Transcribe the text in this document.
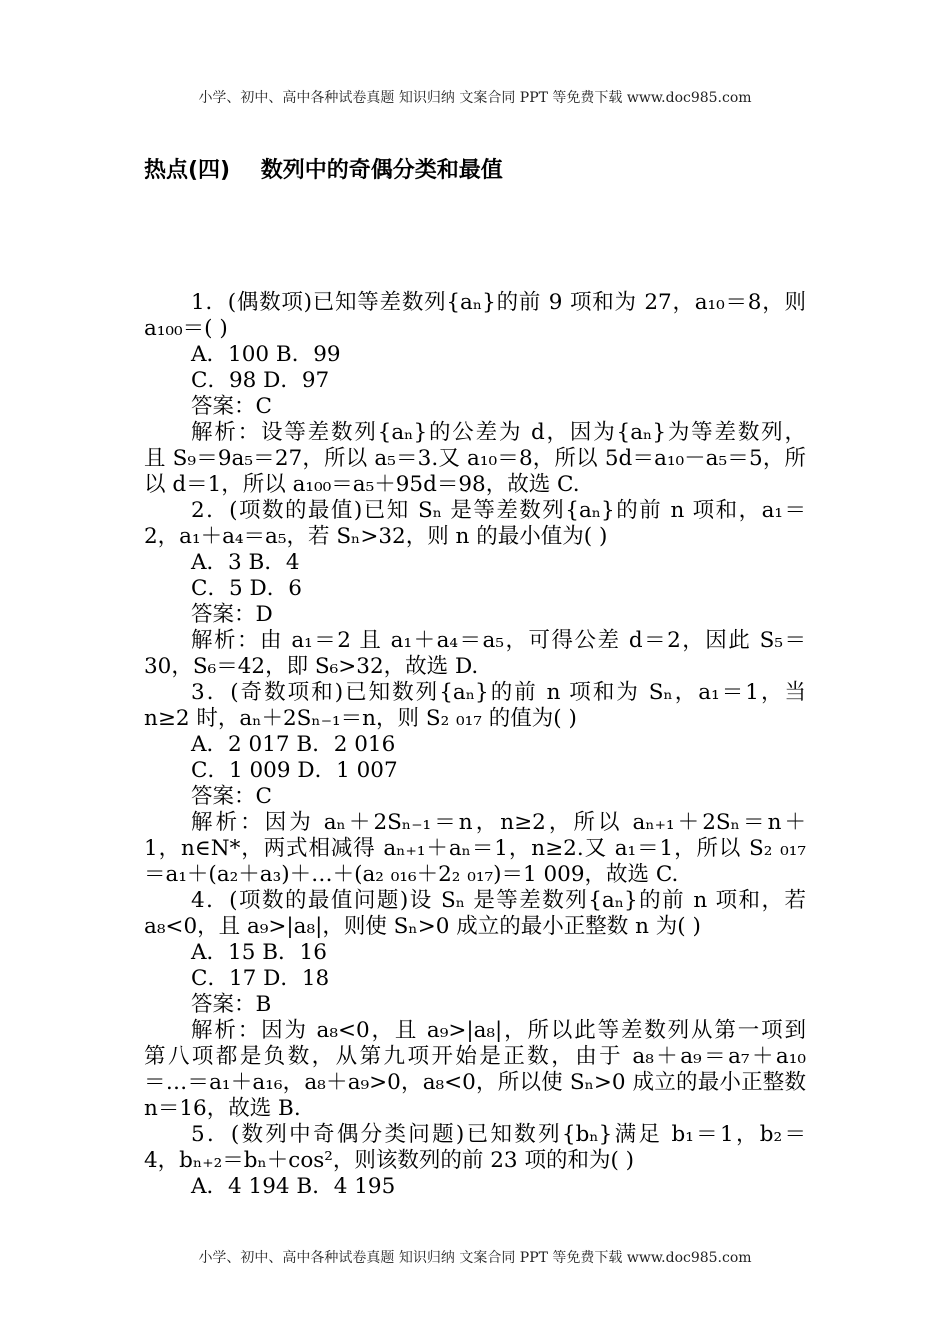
小学、初中、高中各种试卷真题 知识归纳 文案合同 PPT 等免费下载 www.doc985.com
热点(四)    数列中的奇偶分类和最值
1．(偶数项)已知等差数列{aₙ}的前 9 项和为 27，a₁₀＝8，则
a₁₀₀＝( )
A．100 B．99
C．98 D．97
答案：C
解析：设等差数列{aₙ}的公差为 d，因为{aₙ}为等差数列，
且 S₉＝9a₅＝27，所以 a₅＝3.又 a₁₀＝8，所以 5d＝a₁₀－a₅＝5，所
以 d＝1，所以 a₁₀₀＝a₅＋95d＝98，故选 C.
2．(项数的最值)已知 Sₙ 是等差数列{aₙ}的前 n 项和，a₁＝
2，a₁＋a₄＝a₅，若 Sₙ>32，则 n 的最小值为( )
A．3 B．4
C．5 D．6
答案：D
解析：由 a₁＝2 且 a₁＋a₄＝a₅，可得公差 d＝2，因此 S₅＝
30，S₆＝42，即 S₆>32，故选 D.
3．(奇数项和)已知数列{aₙ}的前 n 项和为 Sₙ，a₁＝1，当
n≥2 时，aₙ＋2Sₙ₋₁＝n，则 S₂ ₀₁₇ 的值为( )
A．2 017 B．2 016
C．1 009 D．1 007
答案：C
解析：因为 aₙ＋2Sₙ₋₁＝n，n≥2，所以 aₙ₊₁＋2Sₙ＝n＋
1，n∈N*，两式相减得 aₙ₊₁＋aₙ＝1，n≥2.又 a₁＝1，所以 S₂ ₀₁₇
＝a₁＋(a₂＋a₃)＋…＋(a₂ ₀₁₆＋2₂ ₀₁₇)＝1 009，故选 C.
4．(项数的最值问题)设 Sₙ 是等差数列{aₙ}的前 n 项和，若
a₈<0，且 a₉>|a₈|，则使 Sₙ>0 成立的最小正整数 n 为( )
A．15 B．16
C．17 D．18
答案：B
解析：因为 a₈<0，且 a₉>|a₈|，所以此等差数列从第一项到
第八项都是负数，从第九项开始是正数，由于 a₈＋a₉＝a₇＋a₁₀
＝…＝a₁＋a₁₆，a₈＋a₉>0，a₈<0，所以使 Sₙ>0 成立的最小正整数
n＝16，故选 B.
5．(数列中奇偶分类问题)已知数列{bₙ}满足 b₁＝1，b₂＝
4，bₙ₊₂＝bₙ＋cos²，则该数列的前 23 项的和为( )
A．4 194 B．4 195
小学、初中、高中各种试卷真题 知识归纳 文案合同 PPT 等免费下载 www.doc985.com
